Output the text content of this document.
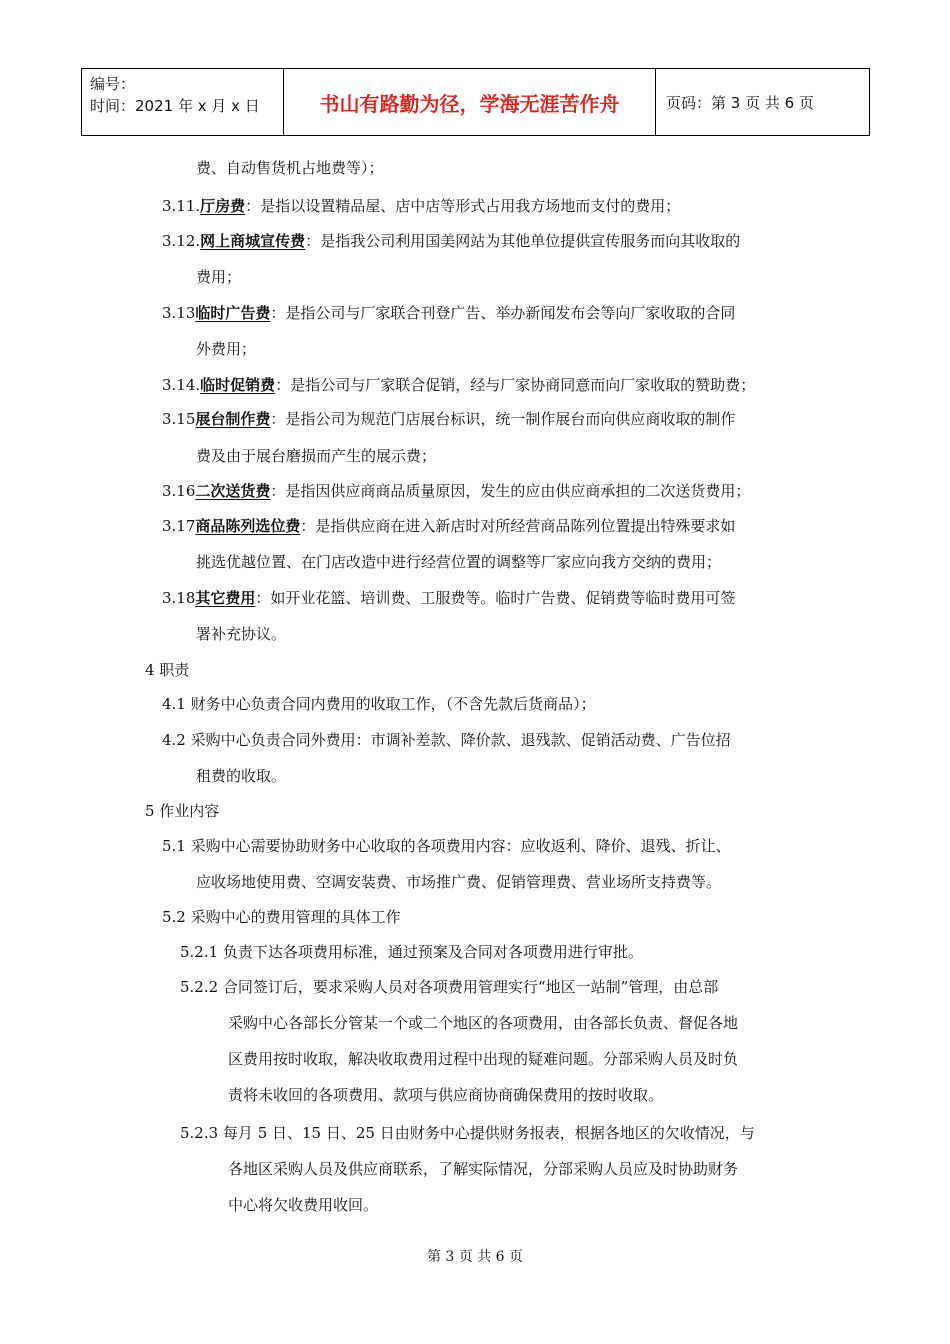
编号：
时间：2021 年 x 月 x 日	书山有路勤为径，学海无涯苦作舟	页码：第 3 页 共 6 页
费、自动售货机占地费等）；
3.11.厅房费：是指以设置精品屋、店中店等形式占用我方场地而支付的费用；
3.12.网上商城宣传费：是指我公司利用国美网站为其他单位提供宣传服务而向其收取的
费用；
3.13临时广告费：是指公司与厂家联合刊登广告、举办新闻发布会等向厂家收取的合同
外费用；
3.14.临时促销费：是指公司与厂家联合促销，经与厂家协商同意而向厂家收取的赞助费；
3.15展台制作费：是指公司为规范门店展台标识，统一制作展台而向供应商收取的制作
费及由于展台磨损而产生的展示费；
3.16二次送货费：是指因供应商商品质量原因，发生的应由供应商承担的二次送货费用；
3.17商品陈列选位费：是指供应商在进入新店时对所经营商品陈列位置提出特殊要求如
挑选优越位置、在门店改造中进行经营位置的调整等厂家应向我方交纳的费用；
3.18其它费用：如开业花篮、培训费、工服费等。临时广告费、促销费等临时费用可签
署补充协议。
4 职责
4.1 财务中心负责合同内费用的收取工作，（不含先款后货商品）；
4.2 采购中心负责合同外费用：市调补差款、降价款、退残款、促销活动费、广告位招
租费的收取。
5 作业内容
5.1 采购中心需要协助财务中心收取的各项费用内容：应收返利、降价、退残、折让、
应收场地使用费、空调安装费、市场推广费、促销管理费、营业场所支持费等。
5.2 采购中心的费用管理的具体工作
5.2.1 负责下达各项费用标准，通过预案及合同对各项费用进行审批。
5.2.2 合同签订后，要求采购人员对各项费用管理实行“地区一站制”管理，由总部
采购中心各部长分管某一个或二个地区的各项费用，由各部长负责、督促各地
区费用按时收取，解决收取费用过程中出现的疑难问题。分部采购人员及时负
责将未收回的各项费用、款项与供应商协商确保费用的按时收取。
5.2.3 每月 5 日、15 日、25 日由财务中心提供财务报表，根据各地区的欠收情况，与
各地区采购人员及供应商联系，了解实际情况，分部采购人员应及时协助财务
中心将欠收费用收回。
第 3 页 共 6 页
